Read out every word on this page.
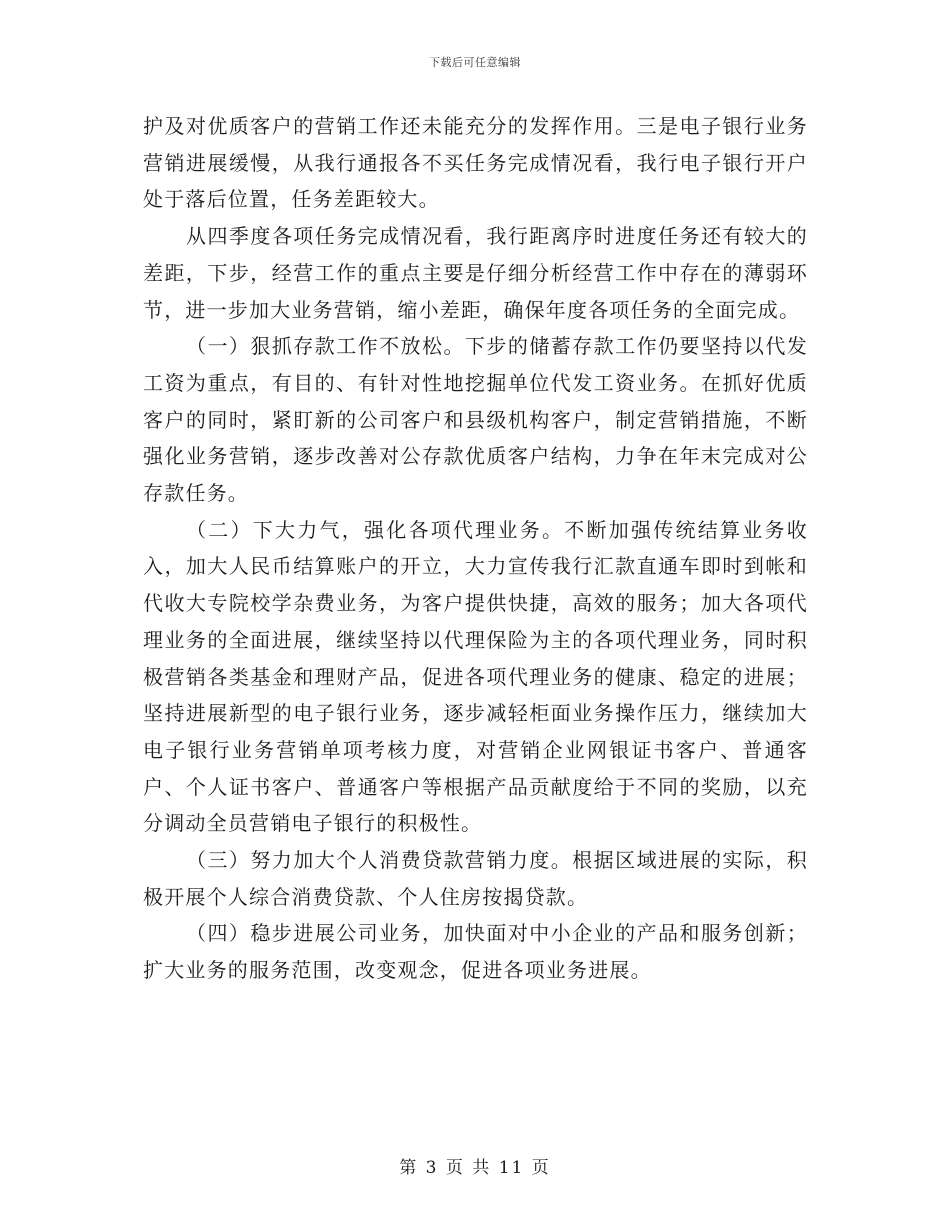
下载后可任意编辑

护及对优质客户的营销工作还未能充分的发挥作用。三是电子银行业务营销进展缓慢，从我行通报各不买任务完成情况看，我行电子银行开户处于落后位置，任务差距较大。

从四季度各项任务完成情况看，我行距离序时进度任务还有较大的差距，下步，经营工作的重点主要是仔细分析经营工作中存在的薄弱环节，进一步加大业务营销，缩小差距，确保年度各项任务的全面完成。

（一）狠抓存款工作不放松。下步的储蓄存款工作仍要坚持以代发工资为重点，有目的、有针对性地挖掘单位代发工资业务。在抓好优质客户的同时，紧盯新的公司客户和县级机构客户，制定营销措施，不断强化业务营销，逐步改善对公存款优质客户结构，力争在年末完成对公存款任务。

（二）下大力气，强化各项代理业务。不断加强传统结算业务收入，加大人民币结算账户的开立，大力宣传我行汇款直通车即时到帐和代收大专院校学杂费业务，为客户提供快捷，高效的服务；加大各项代理业务的全面进展，继续坚持以代理保险为主的各项代理业务，同时积极营销各类基金和理财产品，促进各项代理业务的健康、稳定的进展；坚持进展新型的电子银行业务，逐步减轻柜面业务操作压力，继续加大电子银行业务营销单项考核力度，对营销企业网银证书客户、普通客户、个人证书客户、普通客户等根据产品贡献度给于不同的奖励，以充分调动全员营销电子银行的积极性。

（三）努力加大个人消费贷款营销力度。根据区域进展的实际，积极开展个人综合消费贷款、个人住房按揭贷款。

（四）稳步进展公司业务，加快面对中小企业的产品和服务创新；扩大业务的服务范围，改变观念，促进各项业务进展。

第 3 页 共 11 页
